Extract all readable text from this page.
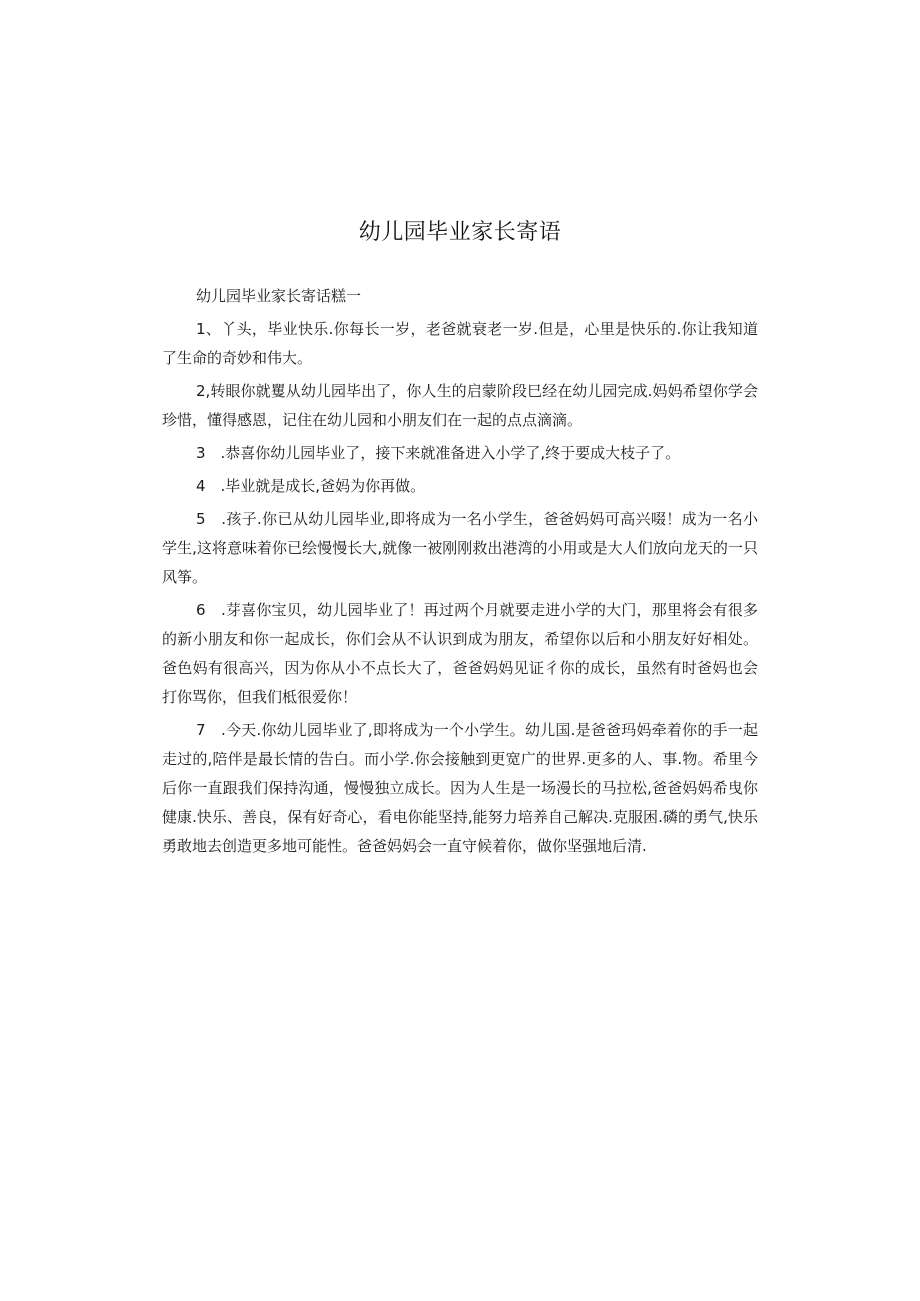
幼儿园毕业家长寄语

幼儿园毕业家长寄话糕一

1、丫头，毕业快乐.你每长一岁，老爸就衰老一岁.但是，心里是快乐的.你让我知道了生命的奇妙和伟大。

2,转眼你就矍从幼儿园毕出了，你人生的启蒙阶段巳经在幼儿园完成.妈妈希望你学会珍惜，懂得感恩，记住在幼儿园和小朋友们在一起的点点滴滴。

3　.恭喜你幼儿园毕业了，接下来就准备进入小学了,终于要成大枝子了。

4　.毕业就是成长,爸妈为你再做。

5　.孩子.你已从幼儿园毕业,即将成为一名小学生，爸爸妈妈可高兴啜！成为一名小学生,这将意味着你已绘慢慢长大,就像一被刚刚救出港湾的小用或是大人们放向龙天的一只风筝。

6　.芽喜你宝贝，幼儿园毕业了！再过两个月就要走进小学的大门，那里将会有很多的新小朋友和你一起成长，你们会从不认识到成为朋友，希望你以后和小朋友好好相处。爸色妈有很高兴，因为你从小不点长大了，爸爸妈妈见证彳你的成长，虽然有时爸妈也会打你骂你，但我们柢很爱你！

7　.今天.你幼儿园毕业了,即将成为一个小学生。幼儿国.是爸爸玛妈牵着你的手一起走过的,陪伴是最长情的告白。而小学.你会接触到更宽广的世界.更多的人、事.物。希里今后你一直跟我们保持沟通，慢慢独立成长。因为人生是一场漫长的马拉松,爸爸妈妈希曳你健康.快乐、善良，保有好奇心，看电你能坚持,能努力培养自己解决.克服困.磷的勇气,快乐勇敢地去创造更多地可能性。爸爸妈妈会一直守候着你，做你坚强地后清.
